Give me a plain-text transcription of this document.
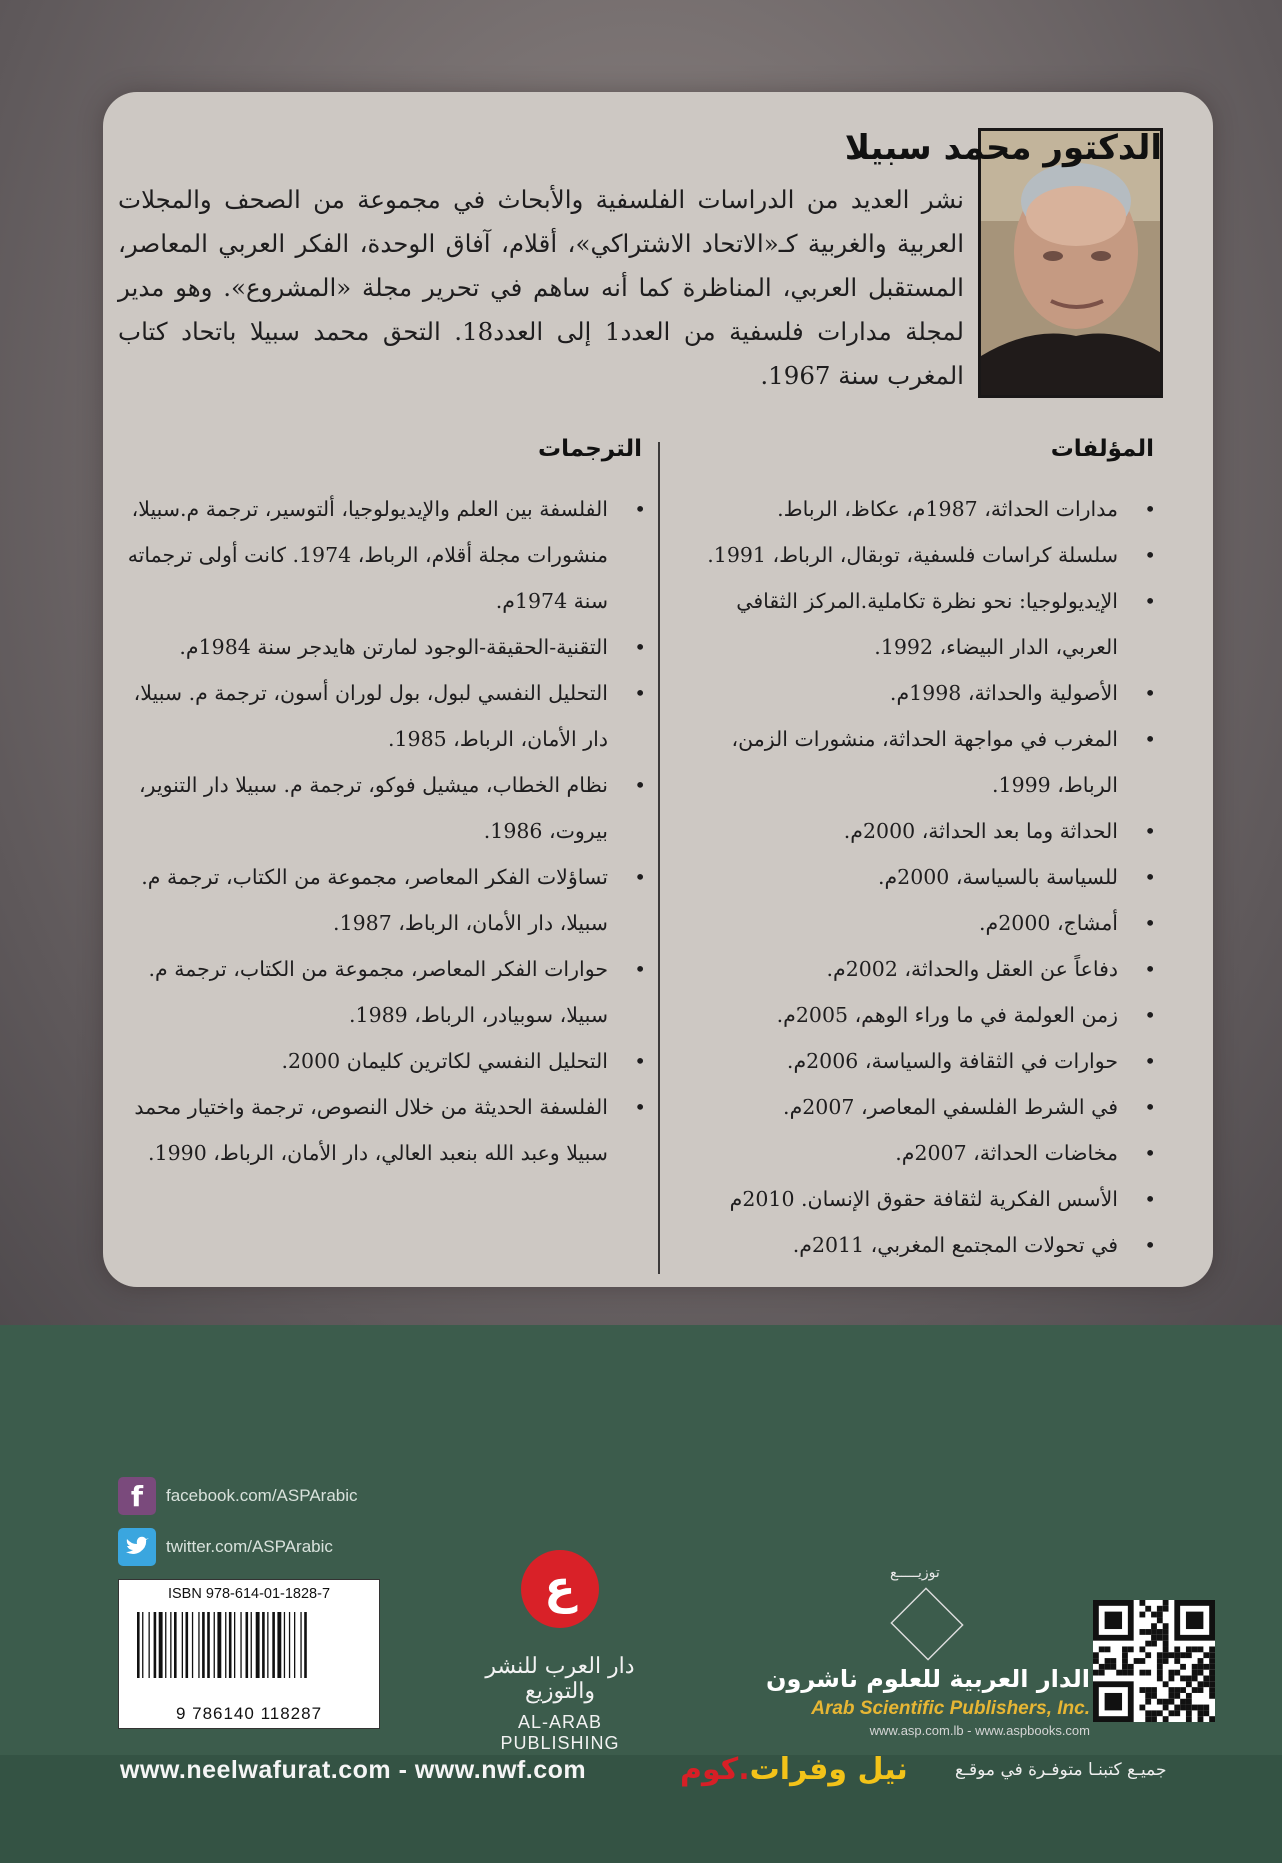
الدكتور محمد سبيلا

نشر العديد من الدراسات الفلسفية والأبحاث في مجموعة من الصحف والمجلات العربية والغربية كـ«الاتحاد الاشتراكي»، أقلام، آفاق الوحدة، الفكر العربي المعاصر، المستقبل العربي، المناظرة كما أنه ساهم في تحرير مجلة «المشروع». وهو مدير لمجلة مدارات فلسفية من العدد1 إلى العدد18. التحق محمد سبيلا باتحاد كتاب المغرب سنة 1967.

المؤلفات
الترجمات
• مدارات الحداثة، 1987م، عكاظ، الرباط.
• سلسلة كراسات فلسفية، توبقال، الرباط، 1991.
• الإيديولوجيا: نحو نظرة تكاملية.المركز الثقافي العربي، الدار البيضاء، 1992.
• الأصولية والحداثة، 1998م.
• المغرب في مواجهة الحداثة، منشورات الزمن، الرباط، 1999.
• الحداثة وما بعد الحداثة، 2000م.
• للسياسة بالسياسة، 2000م.
• أمشاج، 2000م.
• دفاعاً عن العقل والحداثة، 2002م.
• زمن العولمة في ما وراء الوهم، 2005م.
• حوارات في الثقافة والسياسة، 2006م.
• في الشرط الفلسفي المعاصر، 2007م.
• مخاضات الحداثة، 2007م.
• الأسس الفكرية لثقافة حقوق الإنسان. 2010م
• في تحولات المجتمع المغربي، 2011م.
• الفلسفة بين العلم والإيديولوجيا، ألتوسير، ترجمة م.سبيلا، منشورات مجلة أقلام، الرباط، 1974. كانت أولى ترجماته سنة 1974م.
• التقنية-الحقيقة-الوجود لمارتن هايدجر سنة 1984م.
• التحليل النفسي لبول، بول لوران أسون، ترجمة م. سبيلا، دار الأمان، الرباط، 1985.
• نظام الخطاب، ميشيل فوكو، ترجمة م. سبيلا دار التنوير، بيروت، 1986.
• تساؤلات الفكر المعاصر، مجموعة من الكتاب، ترجمة م. سبيلا، دار الأمان، الرباط، 1987.
• حوارات الفكر المعاصر، مجموعة من الكتاب، ترجمة م. سبيلا، سوبيادر، الرباط، 1989.
• التحليل النفسي لكاترين كليمان 2000.
• الفلسفة الحديثة من خلال النصوص، ترجمة واختيار محمد سبيلا وعبد الله بنعبد العالي، دار الأمان، الرباط، 1990.
f	facebook.com/ASPArabic
twitter.com/ASPArabic
ISBN 978-614-01-1828-7
9 786140 118287
ع
دار العرب للنشر والتوزيع
AL-ARAB PUBLISHING
توزيـــــع
الدار العربية للعلوم ناشرون
Arab Scientific Publishers, Inc.
www.asp.com.lb - www.aspbooks.com
www.neelwafurat.com - www.nwf.com	نيل وفرات.كوم	جميـع كتبنـا متوفـرة في موقـع
